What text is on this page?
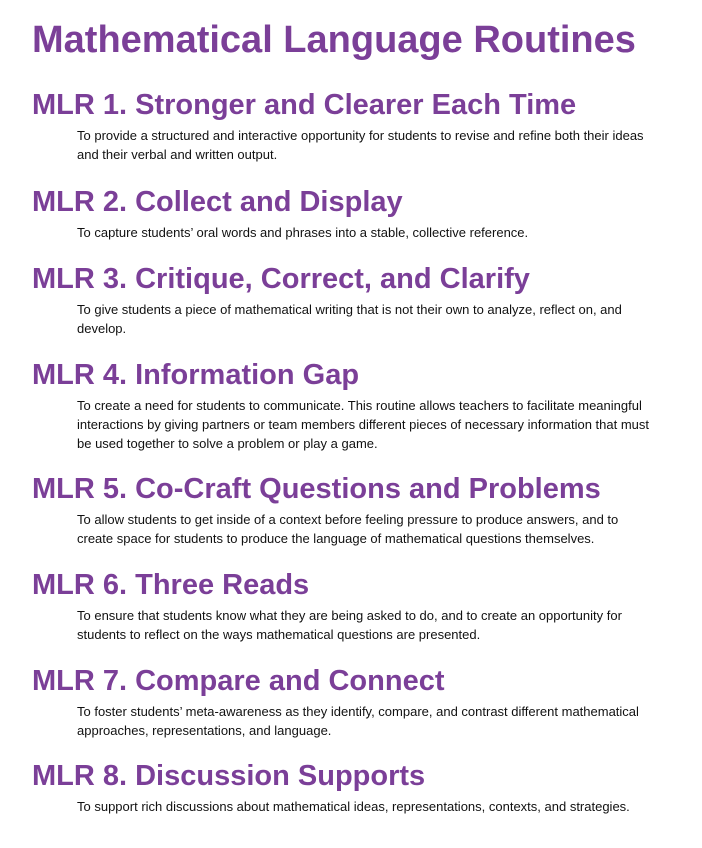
Mathematical Language Routines
MLR 1. Stronger and Clearer Each Time

To provide a structured and interactive opportunity for students to revise and refine both their ideas and their verbal and written output.

MLR 2. Collect and Display

To capture students’ oral words and phrases into a stable, collective reference.

MLR 3. Critique, Correct, and Clarify

To give students a piece of mathematical writing that is not their own to analyze, reflect on, and develop.

MLR 4. Information Gap

To create a need for students to communicate. This routine allows teachers to facilitate meaningful interactions by giving partners or team members different pieces of necessary information that must be used together to solve a problem or play a game.

MLR 5. Co-Craft Questions and Problems

To allow students to get inside of a context before feeling pressure to produce answers, and to create space for students to produce the language of mathematical questions themselves.

MLR 6. Three Reads

To ensure that students know what they are being asked to do, and to create an opportunity for students to reflect on the ways mathematical questions are presented.

MLR 7. Compare and Connect

To foster students’ meta-awareness as they identify, compare, and contrast different mathematical approaches, representations, and language.

MLR 8. Discussion Supports

To support rich discussions about mathematical ideas, representations, contexts, and strategies.
